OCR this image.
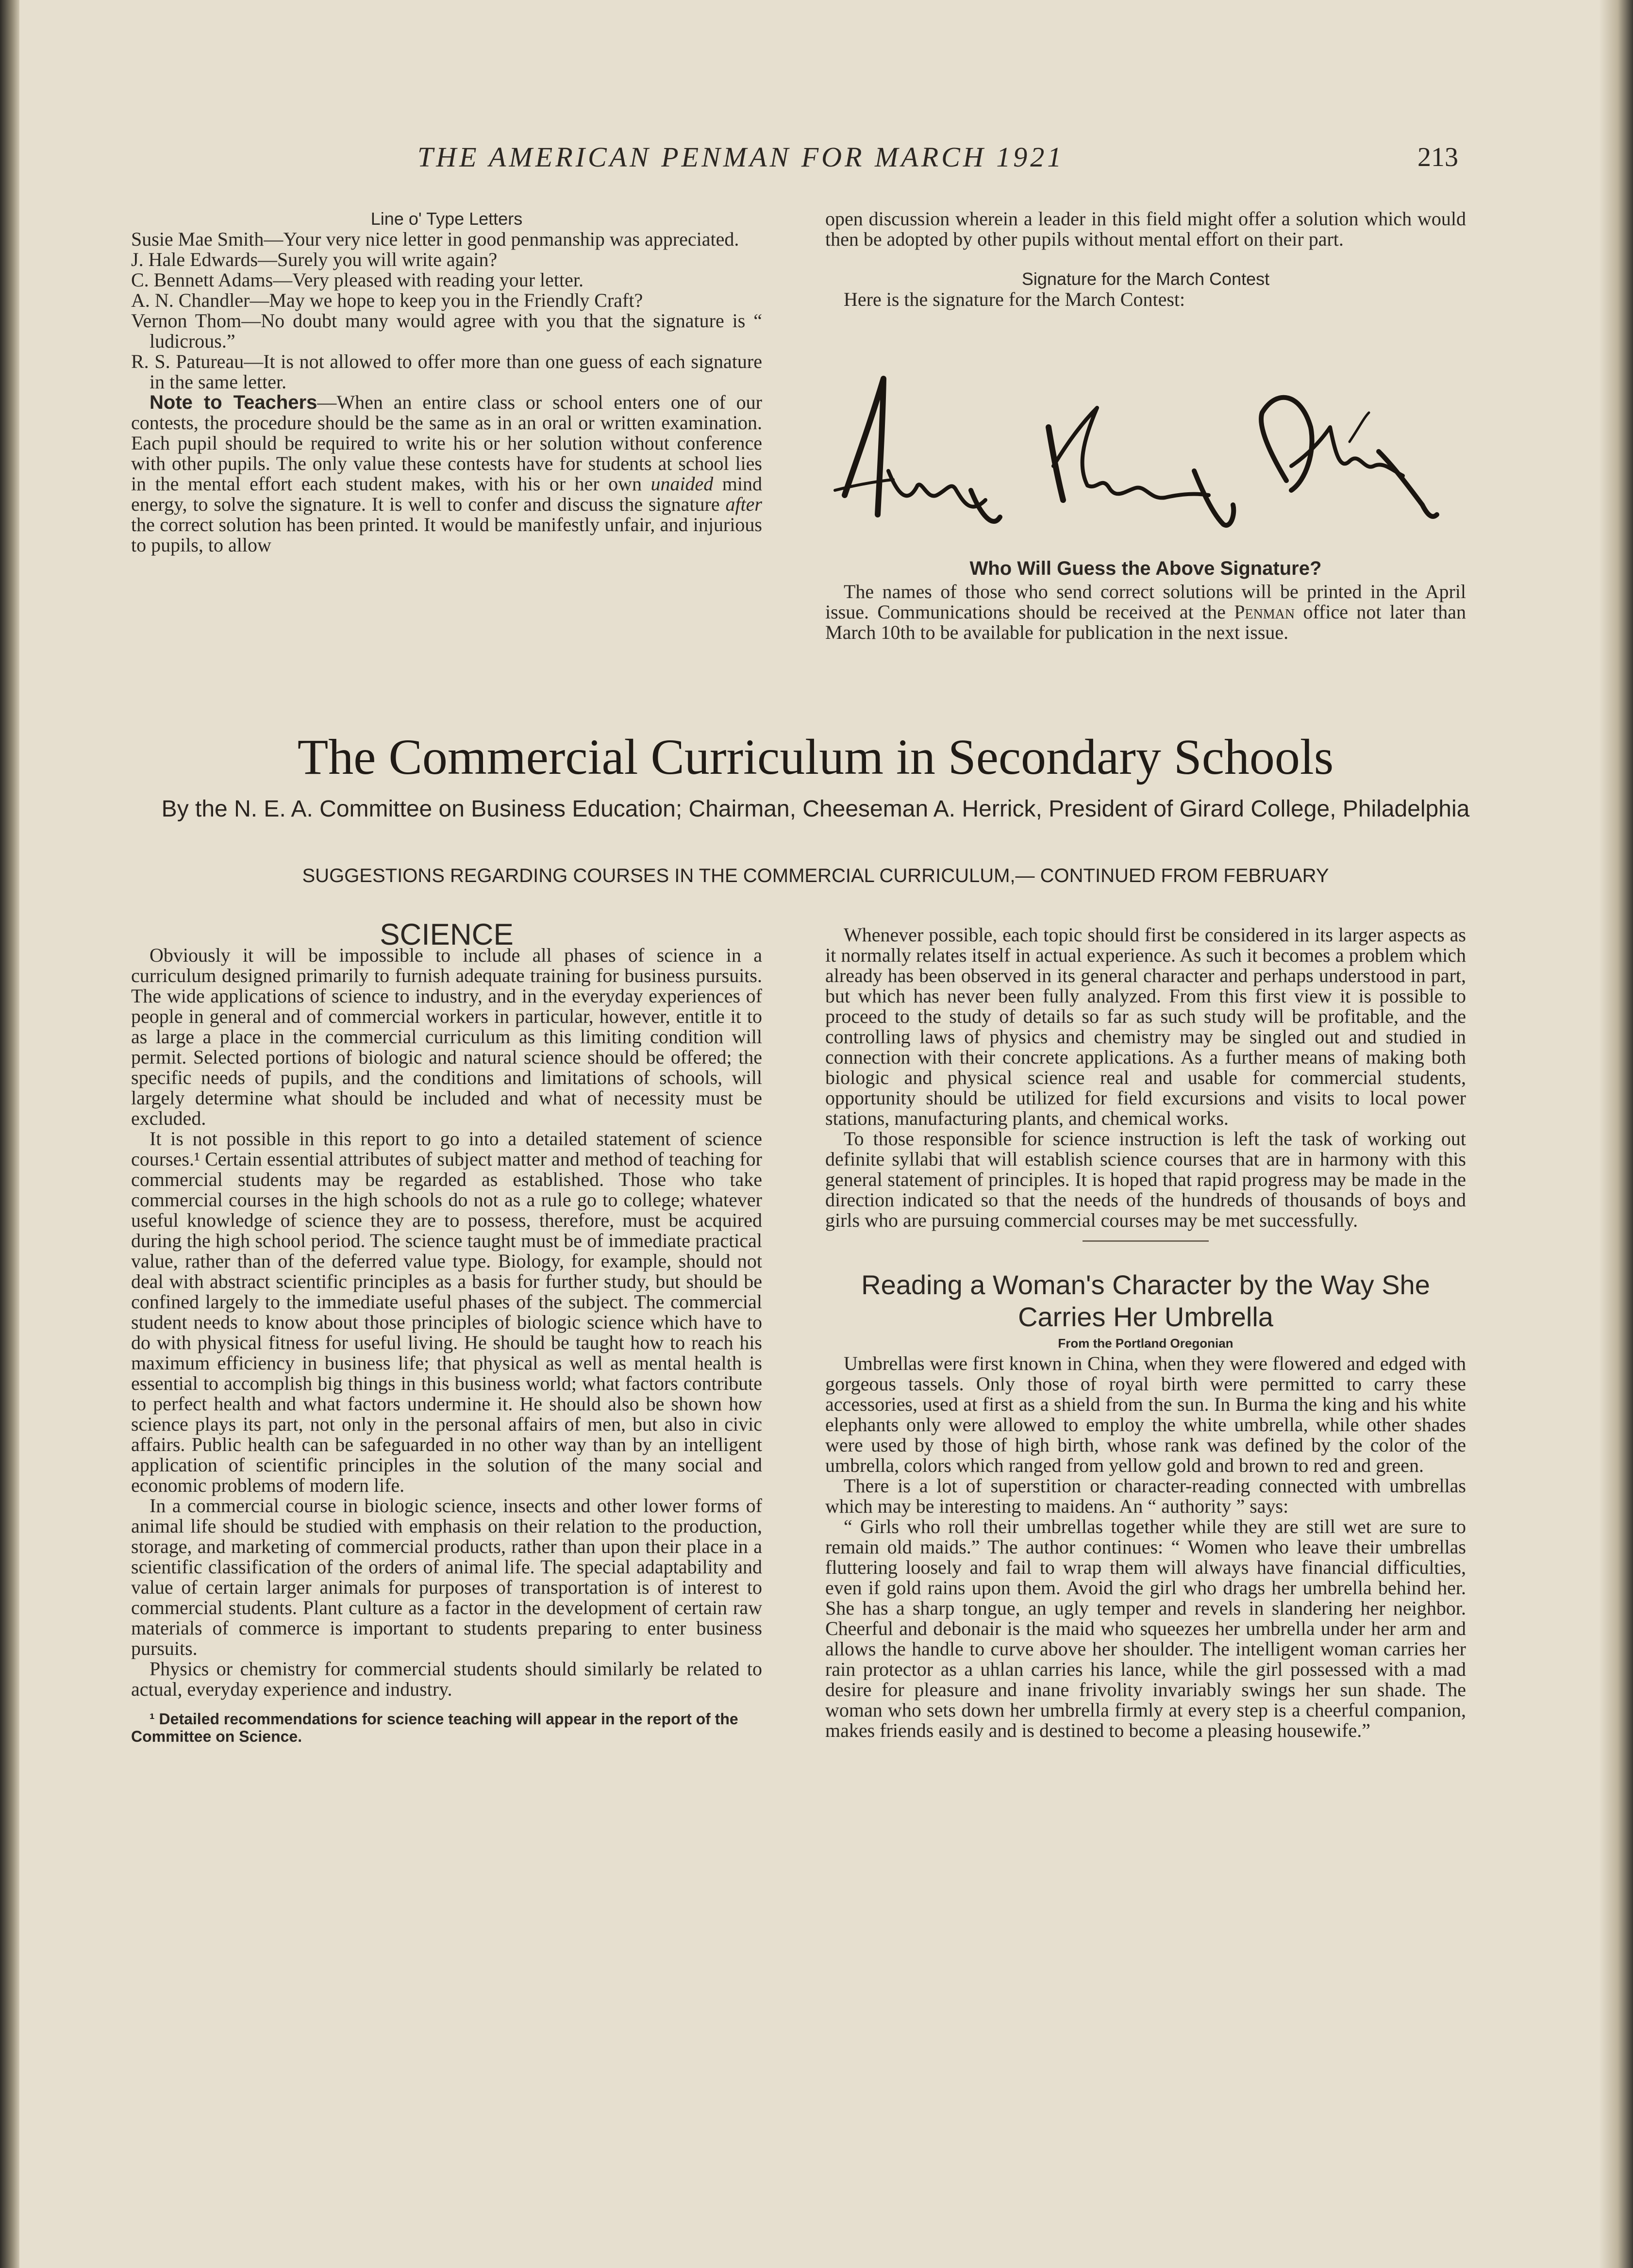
THE AMERICAN PENMAN FOR MARCH 1921	213

Line o' Type Letters

Susie Mae Smith—Your very nice letter in good penmanship was appreciated.

J. Hale Edwards—Surely you will write again?

C. Bennett Adams—Very pleased with reading your letter.

A. N. Chandler—May we hope to keep you in the Friendly Craft?

Vernon Thom—No doubt many would agree with you that the signature is “ ludicrous.”

R. S. Patureau—It is not allowed to offer more than one guess of each signature in the same letter.

Note to Teachers—When an entire class or school enters one of our contests, the procedure should be the same as in an oral or written examination. Each pupil should be required to write his or her solution without conference with other pupils. The only value these contests have for students at school lies in the mental effort each student makes, with his or her own unaided mind energy, to solve the signature. It is well to confer and discuss the signature after the correct solution has been printed. It would be manifestly unfair, and injurious to pupils, to allow

open discussion wherein a leader in this field might offer a solution which would then be adopted by other pupils without mental effort on their part.

Signature for the March Contest

Here is the signature for the March Contest:

Who Will Guess the Above Signature?

The names of those who send correct solutions will be printed in the April issue. Communications should be received at the Penman office not later than March 10th to be available for publication in the next issue.

The Commercial Curriculum in Secondary Schools
By the N. E. A. Committee on Business Education; Chairman, Cheeseman A. Herrick, President of Girard College, Philadelphia
SUGGESTIONS REGARDING COURSES IN THE COMMERCIAL CURRICULUM,— CONTINUED FROM FEBRUARY

SCIENCE

Obviously it will be impossible to include all phases of science in a curriculum designed primarily to furnish adequate training for business pursuits. The wide applications of science to industry, and in the everyday experiences of people in general and of commercial workers in particular, however, entitle it to as large a place in the commercial curriculum as this limiting condition will permit. Selected portions of biologic and natural science should be offered; the specific needs of pupils, and the conditions and limitations of schools, will largely determine what should be included and what of necessity must be excluded.

It is not possible in this report to go into a detailed statement of science courses.¹ Certain essential attributes of subject matter and method of teaching for commercial students may be regarded as established. Those who take commercial courses in the high schools do not as a rule go to college; whatever useful knowledge of science they are to possess, therefore, must be acquired during the high school period. The science taught must be of immediate practical value, rather than of the deferred value type. Biology, for example, should not deal with abstract scientific principles as a basis for further study, but should be confined largely to the immediate useful phases of the subject. The commercial student needs to know about those principles of biologic science which have to do with physical fitness for useful living. He should be taught how to reach his maximum efficiency in business life; that physical as well as mental health is essential to accomplish big things in this business world; what factors contribute to perfect health and what factors undermine it. He should also be shown how science plays its part, not only in the personal affairs of men, but also in civic affairs. Public health can be safeguarded in no other way than by an intelligent application of scientific principles in the solution of the many social and economic problems of modern life.

In a commercial course in biologic science, insects and other lower forms of animal life should be studied with emphasis on their relation to the production, storage, and marketing of commercial products, rather than upon their place in a scientific classification of the orders of animal life. The special adaptability and value of certain larger animals for purposes of transportation is of interest to commercial students. Plant culture as a factor in the development of certain raw materials of commerce is important to students preparing to enter business pursuits.

Physics or chemistry for commercial students should similarly be related to actual, everyday experience and industry.

¹ Detailed recommendations for science teaching will appear in the report of the Committee on Science.

Whenever possible, each topic should first be considered in its larger aspects as it normally relates itself in actual experience. As such it becomes a problem which already has been observed in its general character and perhaps understood in part, but which has never been fully analyzed. From this first view it is possible to proceed to the study of details so far as such study will be profitable, and the controlling laws of physics and chemistry may be singled out and studied in connection with their concrete applications. As a further means of making both biologic and physical science real and usable for commercial students, opportunity should be utilized for field excursions and visits to local power stations, manufacturing plants, and chemical works.

To those responsible for science instruction is left the task of working out definite syllabi that will establish science courses that are in harmony with this general statement of principles. It is hoped that rapid progress may be made in the direction indicated so that the needs of the hundreds of thousands of boys and girls who are pursuing commercial courses may be met successfully.

Reading a Woman's Character by the Way She Carries Her Umbrella

From the Portland Oregonian

Umbrellas were first known in China, when they were flowered and edged with gorgeous tassels. Only those of royal birth were permitted to carry these accessories, used at first as a shield from the sun. In Burma the king and his white elephants only were allowed to employ the white umbrella, while other shades were used by those of high birth, whose rank was defined by the color of the umbrella, colors which ranged from yellow gold and brown to red and green.

There is a lot of superstition or character-reading connected with umbrellas which may be interesting to maidens. An “ authority ” says:

“ Girls who roll their umbrellas together while they are still wet are sure to remain old maids.” The author continues: “ Women who leave their umbrellas fluttering loosely and fail to wrap them will always have financial difficulties, even if gold rains upon them. Avoid the girl who drags her umbrella behind her. She has a sharp tongue, an ugly temper and revels in slandering her neighbor. Cheerful and debonair is the maid who squeezes her umbrella under her arm and allows the handle to curve above her shoulder. The intelligent woman carries her rain protector as a uhlan carries his lance, while the girl possessed with a mad desire for pleasure and inane frivolity invariably swings her sun shade. The woman who sets down her umbrella firmly at every step is a cheerful companion, makes friends easily and is destined to become a pleasing housewife.”
